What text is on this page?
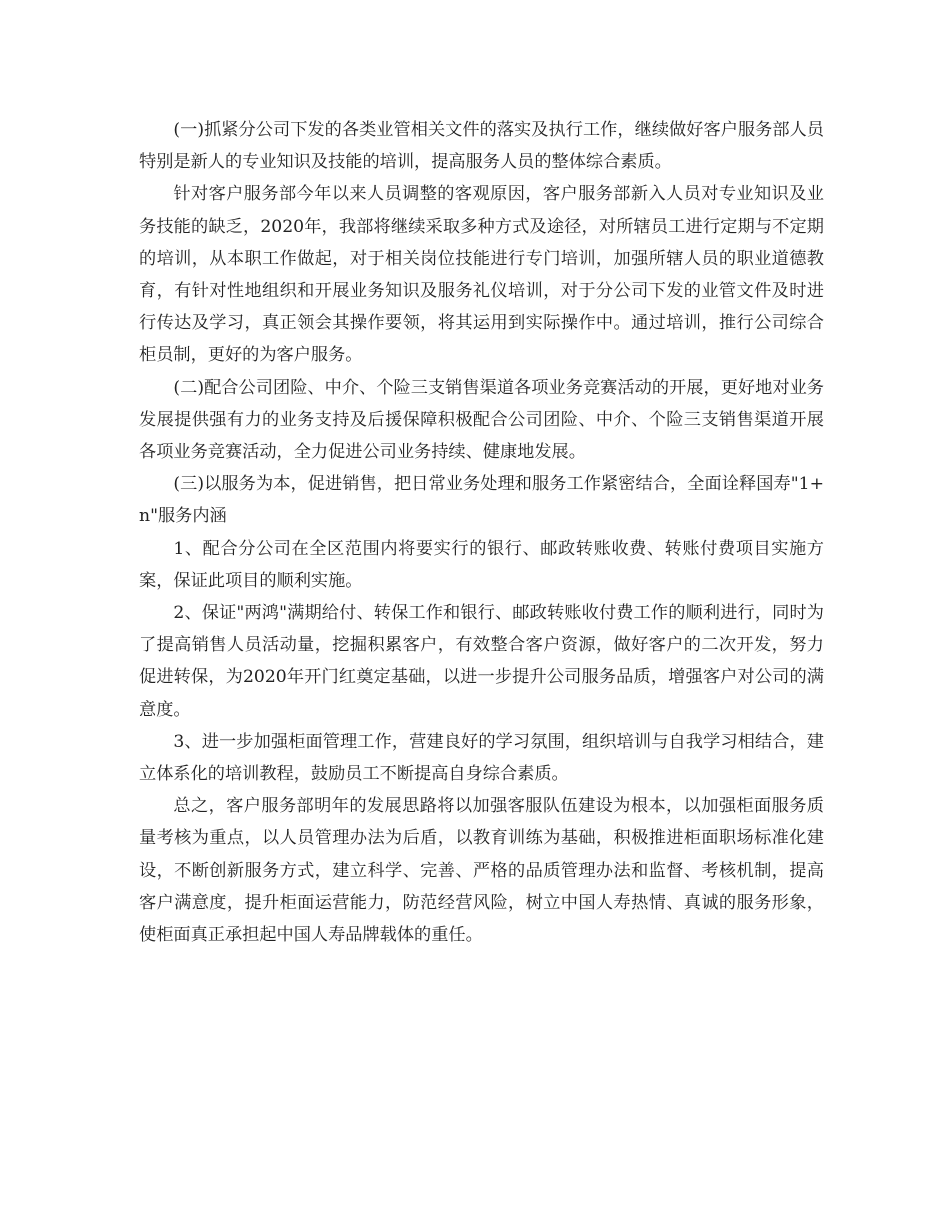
(一)抓紧分公司下发的各类业管相关文件的落实及执行工作，继续做好客户服务部人员特别是新人的专业知识及技能的培训，提高服务人员的整体综合素质。

针对客户服务部今年以来人员调整的客观原因，客户服务部新入人员对专业知识及业务技能的缺乏，2020年，我部将继续采取多种方式及途径，对所辖员工进行定期与不定期的培训，从本职工作做起，对于相关岗位技能进行专门培训，加强所辖人员的职业道德教育，有针对性地组织和开展业务知识及服务礼仪培训，对于分公司下发的业管文件及时进行传达及学习，真正领会其操作要领，将其运用到实际操作中。通过培训，推行公司综合柜员制，更好的为客户服务。

(二)配合公司团险、中介、个险三支销售渠道各项业务竞赛活动的开展，更好地对业务发展提供强有力的业务支持及后援保障积极配合公司团险、中介、个险三支销售渠道开展各项业务竞赛活动，全力促进公司业务持续、健康地发展。

(三)以服务为本，促进销售，把日常业务处理和服务工作紧密结合，全面诠释国寿"1+n"服务内涵

1、配合分公司在全区范围内将要实行的银行、邮政转账收费、转账付费项目实施方案，保证此项目的顺利实施。

2、保证"两鸿"满期给付、转保工作和银行、邮政转账收付费工作的顺利进行，同时为了提高销售人员活动量，挖掘积累客户，有效整合客户资源，做好客户的二次开发，努力促进转保，为2020年开门红奠定基础，以进一步提升公司服务品质，增强客户对公司的满意度。

3、进一步加强柜面管理工作，营建良好的学习氛围，组织培训与自我学习相结合，建立体系化的培训教程，鼓励员工不断提高自身综合素质。

总之，客户服务部明年的发展思路将以加强客服队伍建设为根本，以加强柜面服务质量考核为重点，以人员管理办法为后盾，以教育训练为基础，积极推进柜面职场标准化建设，不断创新服务方式，建立科学、完善、严格的品质管理办法和监督、考核机制，提高客户满意度，提升柜面运营能力，防范经营风险，树立中国人寿热情、真诚的服务形象，使柜面真正承担起中国人寿品牌载体的重任。
